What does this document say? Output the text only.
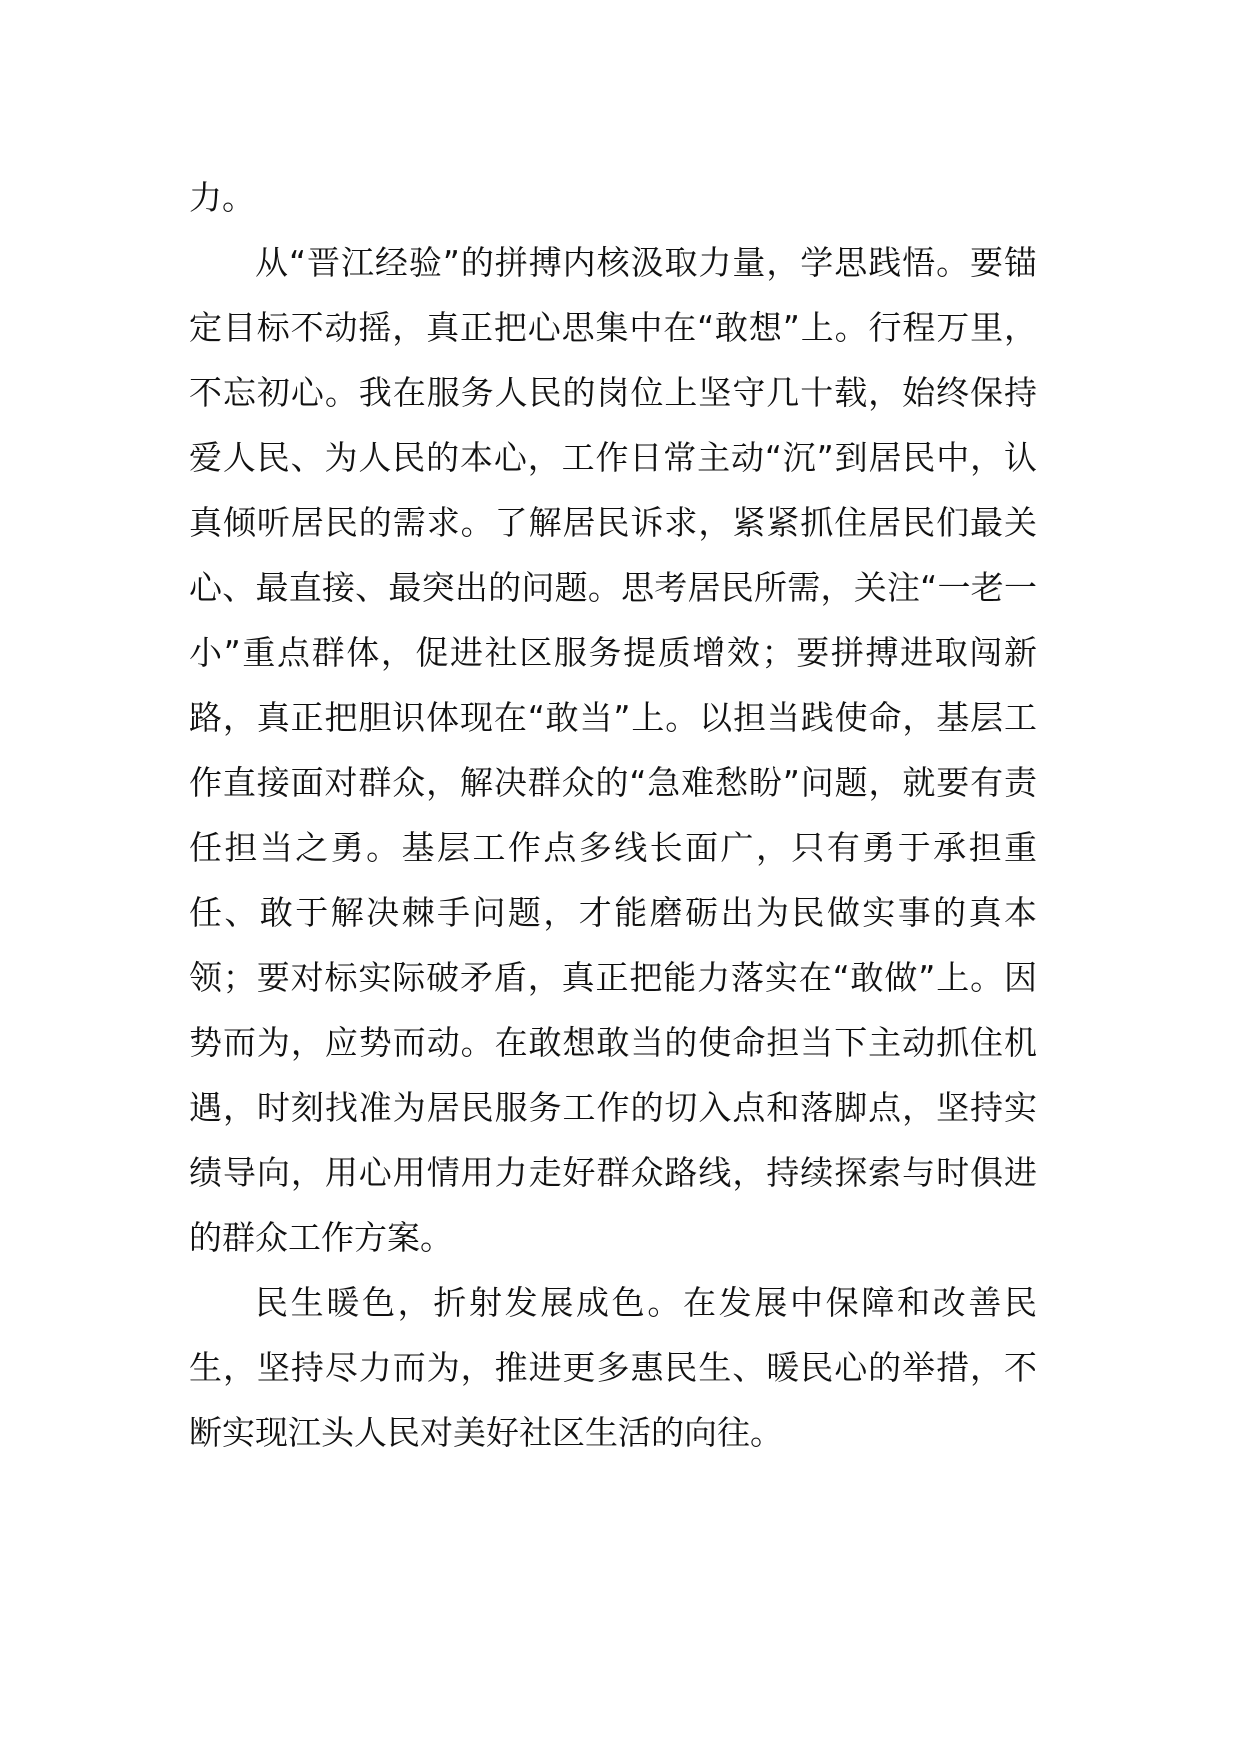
力。

从“晋江经验”的拼搏内核汲取力量，学思践悟。要锚定目标不动摇，真正把心思集中在“敢想”上。行程万里，不忘初心。我在服务人民的岗位上坚守几十载，始终保持爱人民、为人民的本心，工作日常主动“沉”到居民中，认真倾听居民的需求。了解居民诉求，紧紧抓住居民们最关心、最直接、最突出的问题。思考居民所需，关注“一老一小”重点群体，促进社区服务提质增效；要拼搏进取闯新路，真正把胆识体现在“敢当”上。以担当践使命，基层工作直接面对群众，解决群众的“急难愁盼”问题，就要有责任担当之勇。基层工作点多线长面广，只有勇于承担重任、敢于解决棘手问题，才能磨砺出为民做实事的真本领；要对标实际破矛盾，真正把能力落实在“敢做”上。因势而为，应势而动。在敢想敢当的使命担当下主动抓住机遇，时刻找准为居民服务工作的切入点和落脚点，坚持实绩导向，用心用情用力走好群众路线，持续探索与时俱进的群众工作方案。

民生暖色，折射发展成色。在发展中保障和改善民生，坚持尽力而为，推进更多惠民生、暖民心的举措，不断实现江头人民对美好社区生活的向往。
